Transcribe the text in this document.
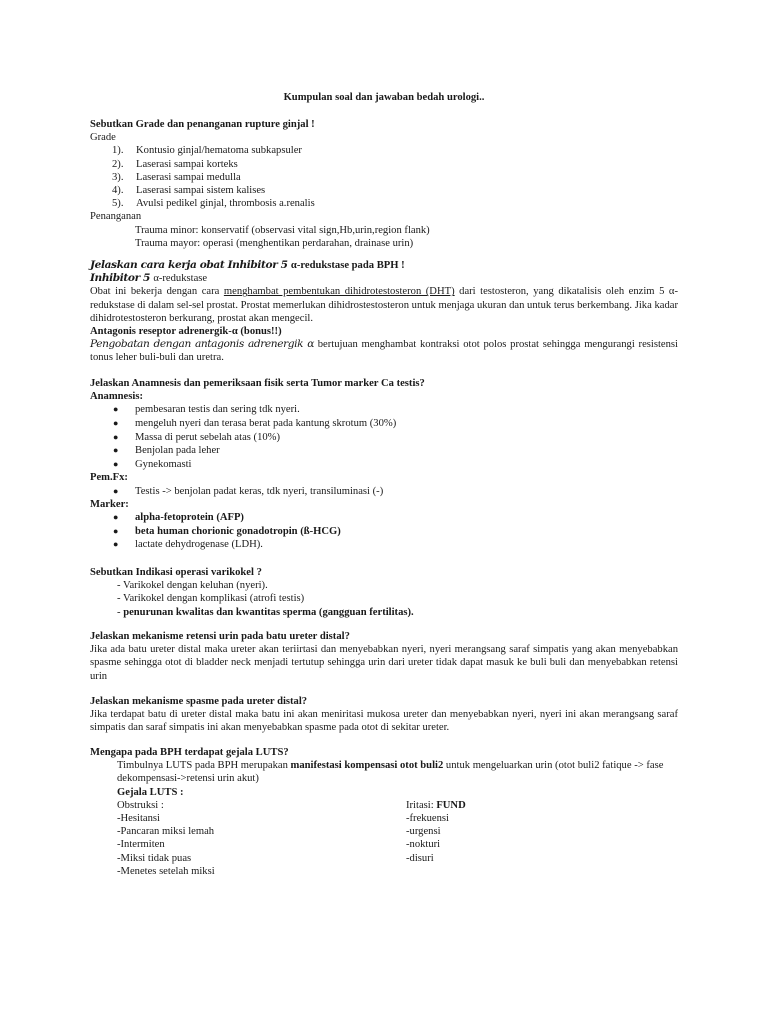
Kumpulan soal dan jawaban bedah urologi..
Sebutkan Grade dan penanganan rupture ginjal !
Grade
1). Kontusio ginjal/hematoma subkapsuler
2). Laserasi sampai korteks
3). Laserasi sampai medulla
4). Laserasi sampai sistem kalises
5). Avulsi pedikel ginjal, thrombosis a.renalis
Penanganan
Trauma minor: konservatif (observasi vital sign,Hb,urin,region flank)
Trauma mayor: operasi (menghentikan perdarahan, drainase urin)
Jelaskan cara kerja obat Inhibitor 5 α-redukstase pada BPH !
Inhibitor 5 α-redukstase
Obat ini bekerja dengan cara menghambat pembentukan dihidrotestosteron (DHT) dari testosteron, yang dikatalisis oleh enzim 5 α-redukstase di dalam sel-sel prostat. Prostat memerlukan dihidrostestosteron untuk menjaga ukuran dan untuk terus berkembang. Jika kadar dihidrotestosteron berkurang, prostat akan mengecil.
Antagonis reseptor adrenergik-α (bonus!!)
Pengobatan dengan antagonis adrenergik α bertujuan menghambat kontraksi otot polos prostat sehingga mengurangi resistensi tonus leher buli-buli dan uretra.
Jelaskan Anamnesis dan pemeriksaan fisik serta Tumor marker Ca testis?
Anamnesis:
● pembesaran testis dan sering tdk nyeri.
● mengeluh nyeri dan terasa berat pada kantung skrotum (30%)
● Massa di perut sebelah atas (10%)
● Benjolan pada leher
● Gynekomasti
Pem.Fx:
● Testis -> benjolan padat keras, tdk nyeri, transiluminasi (-)
Marker:
● alpha-fetoprotein (AFP)
● beta human chorionic gonadotropin (ß-HCG)
● lactate dehydrogenase (LDH).
Sebutkan Indikasi operasi varikokel ?
- Varikokel dengan keluhan (nyeri).
- Varikokel dengan komplikasi (atrofi testis)
- penurunan kwalitas dan kwantitas sperma (gangguan fertilitas).
Jelaskan mekanisme retensi urin pada batu ureter distal?
Jika ada batu ureter distal maka ureter akan teriirtasi dan menyebabkan nyeri, nyeri merangsang saraf simpatis yang akan menyebabkan spasme sehingga otot di bladder neck menjadi tertutup sehingga urin dari ureter tidak dapat masuk ke buli buli dan menyebabkan retensi urin
Jelaskan mekanisme spasme pada ureter distal?
Jika terdapat batu di ureter distal maka batu ini akan meniritasi mukosa ureter dan menyebabkan nyeri, nyeri ini akan merangsang saraf simpatis dan saraf simpatis ini akan menyebabkan spasme pada otot di sekitar ureter.
Mengapa pada BPH terdapat gejala LUTS?
Timbulnya LUTS pada BPH merupakan manifestasi kompensasi otot buli2 untuk mengeluarkan urin (otot buli2 fatique -> fase dekompensasi->retensi urin akut)
Gejala LUTS :
Obstruksi :
-Hesitansi
-Pancaran miksi lemah
-Intermiten
-Miksi tidak puas
-Menetes setelah miksi
Iritasi: FUND
-frekuensi
-urgensi
-nokturi
-disuri
